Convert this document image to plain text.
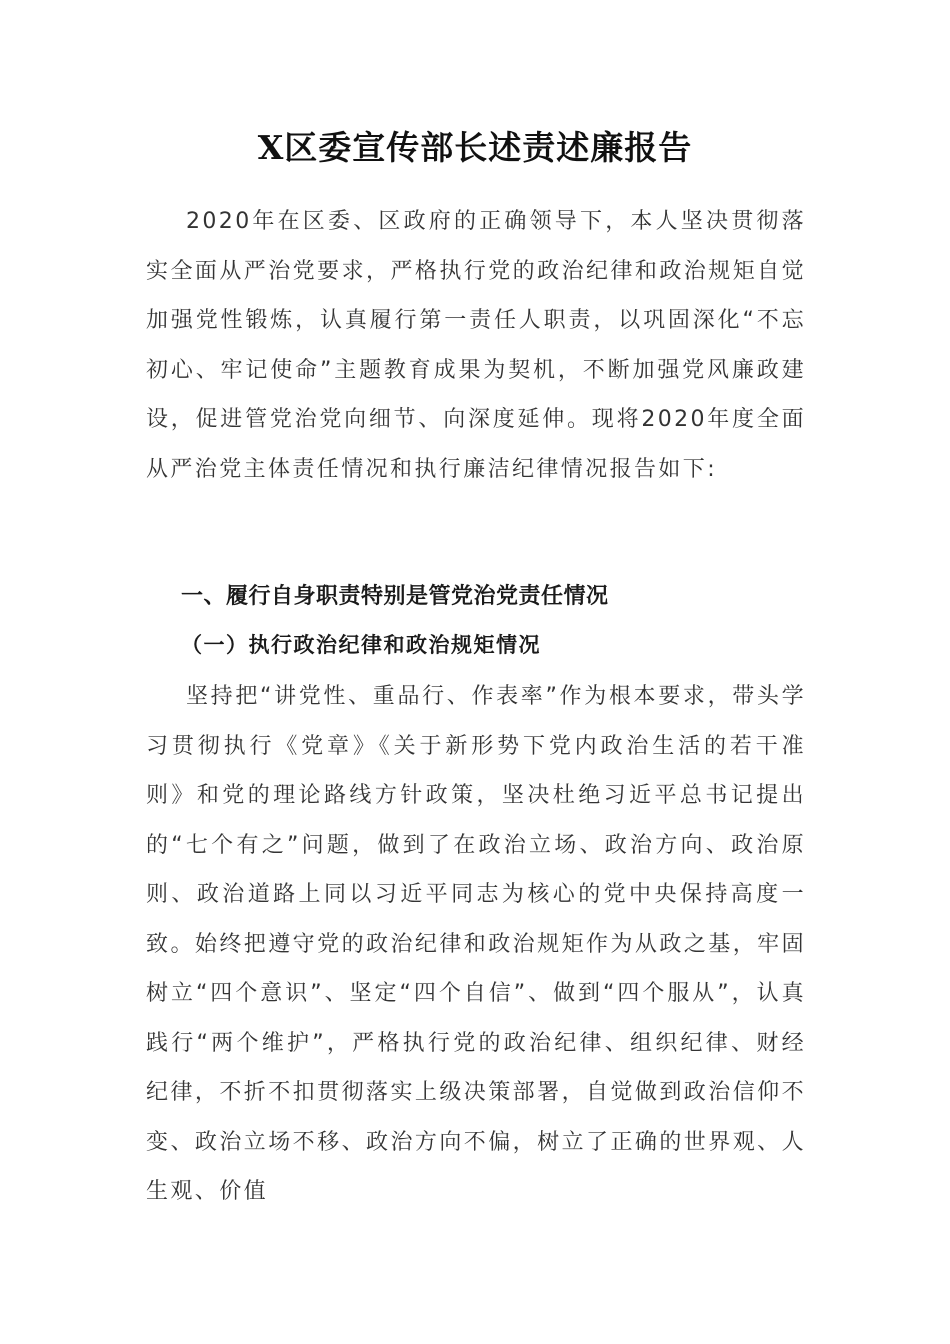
X区委宣传部长述责述廉报告

2020年在区委、区政府的正确领导下，本人坚决贯彻落实全面从严治党要求，严格执行党的政治纪律和政治规矩自觉加强党性锻炼，认真履行第一责任人职责，以巩固深化“不忘初心、牢记使命”主题教育成果为契机，不断加强党风廉政建设，促进管党治党向细节、向深度延伸。现将2020年度全面从严治党主体责任情况和执行廉洁纪律情况报告如下:

一、履行自身职责特别是管党治党责任情况
（一）执行政治纪律和政治规矩情况

坚持把“讲党性、重品行、作表率”作为根本要求，带头学习贯彻执行《党章》《关于新形势下党内政治生活的若干准则》和党的理论路线方针政策，坚决杜绝习近平总书记提出的“七个有之”问题，做到了在政治立场、政治方向、政治原则、政治道路上同以习近平同志为核心的党中央保持高度一致。始终把遵守党的政治纪律和政治规矩作为从政之基，牢固树立“四个意识”、坚定“四个自信”、做到“四个服从”，认真践行“两个维护”，严格执行党的政治纪律、组织纪律、财经纪律，不折不扣贯彻落实上级决策部署，自觉做到政治信仰不变、政治立场不移、政治方向不偏，树立了正确的世界观、人生观、价值
